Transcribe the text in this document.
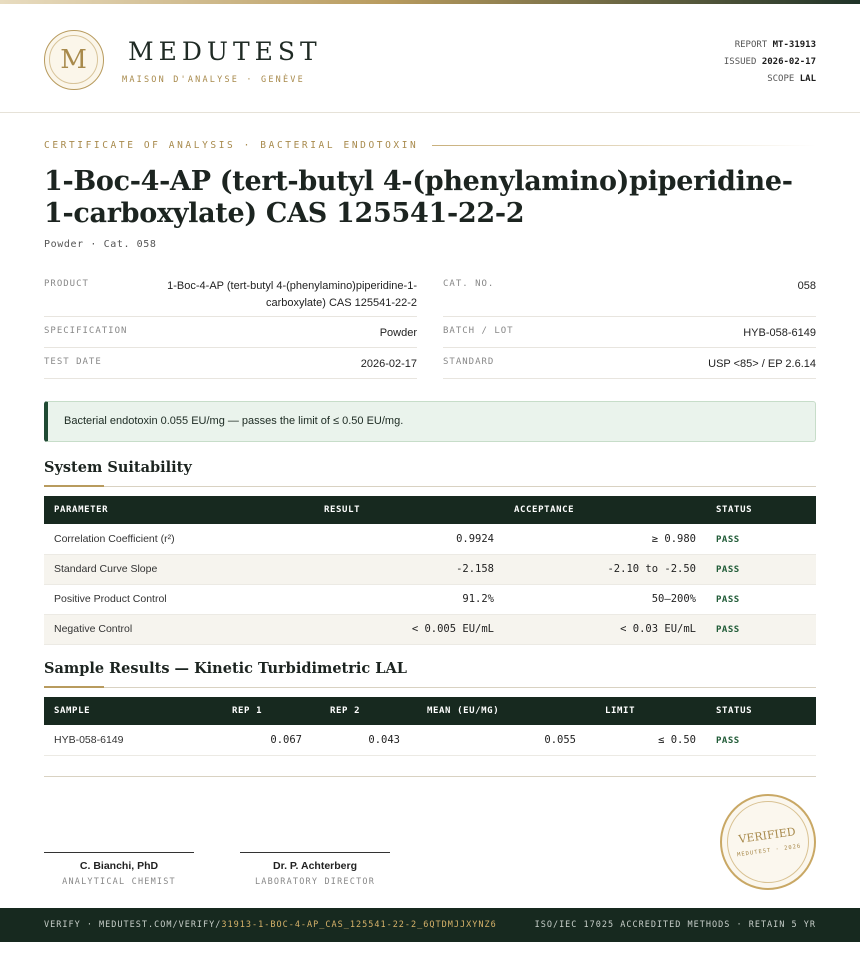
M	MEDUTEST
MAISON D'ANALYSE · GENÈVE
REPORT MT-31913
ISSUED 2026-02-17
SCOPE LAL
CERTIFICATE OF ANALYSIS · BACTERIAL ENDOTOXIN
1-Boc-4-AP (tert-butyl 4-(phenylamino)piperidine-1-carboxylate) CAS 125541-22-2
Powder · Cat. 058
PRODUCT	1-Boc-4-AP (tert-butyl 4-(phenylamino)piperidine-1-carboxylate) CAS 125541-22-2
SPECIFICATION	Powder
TEST DATE	2026-02-17
CAT. NO.	058
BATCH / LOT	HYB-058-6149
STANDARD	USP <85> / EP 2.6.14
Bacterial endotoxin 0.055 EU/mg — passes the limit of ≤ 0.50 EU/mg.
System Suitability
PARAMETER	RESULT	ACCEPTANCE	STATUS
Correlation Coefficient (r²)	0.9924	≥ 0.980	PASS
Standard Curve Slope	-2.158	-2.10 to -2.50	PASS
Positive Product Control	91.2%	50–200%	PASS
Negative Control	< 0.005 EU/mL	< 0.03 EU/mL	PASS
Sample Results — Kinetic Turbidimetric LAL
SAMPLE	REP 1	REP 2	MEAN (EU/MG)	LIMIT	STATUS
HYB-058-6149	0.067	0.043	0.055	≤ 0.50	PASS
C. Bianchi, PhD
ANALYTICAL CHEMIST
Dr. P. Achterberg
LABORATORY DIRECTOR
VERIFIED
MEDUTEST · 2026
VERIFY · MEDUTEST.COM/VERIFY/31913-1-BOC-4-AP_CAS_125541-22-2_6QTDMJJXYNZ6	ISO/IEC 17025 ACCREDITED METHODS · RETAIN 5 YR
